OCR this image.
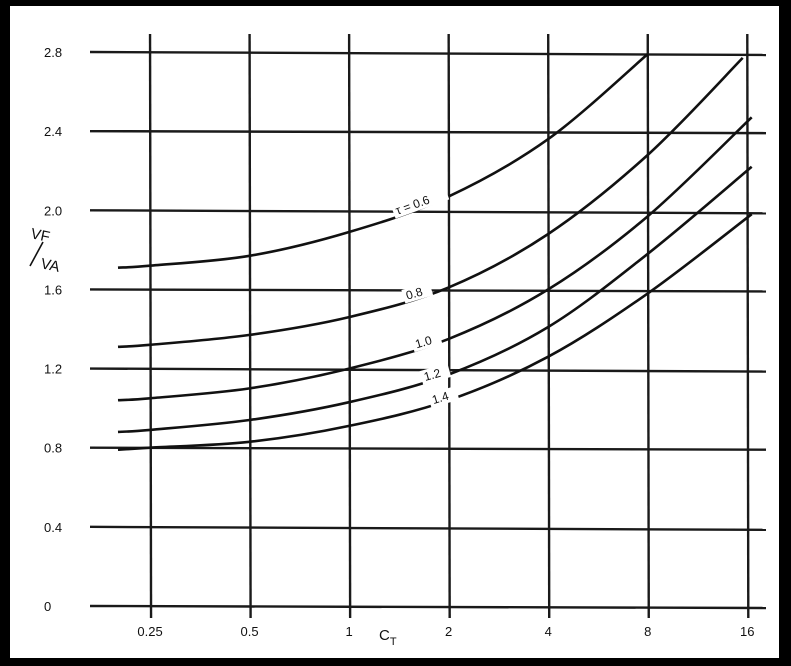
0
0.4
0.8
1.2
1.6
2.0
2.4
2.8
0.25	0.5	1	2	4	8	16
τ = 0.6
0.8
1.0
1.2
1.4
$C_T$
VF
VA
